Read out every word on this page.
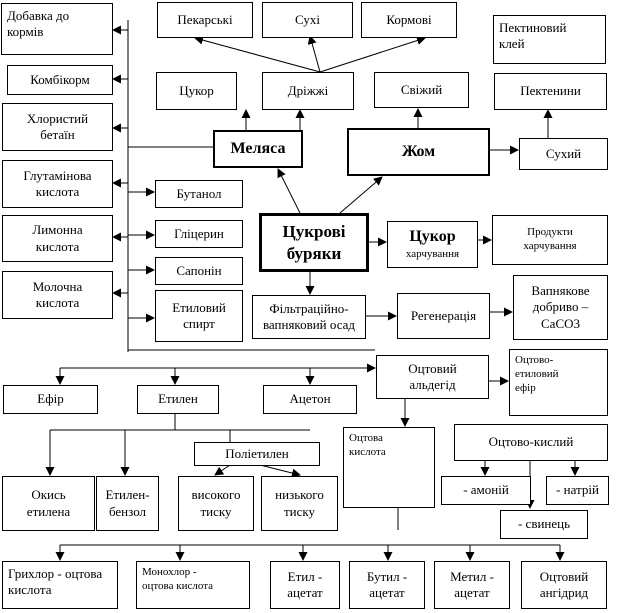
Добавка до
кормів
Комбікорм
Хлористий
бетаїн
Глутамінова
кислота
Лимонна
кислота
Молочна
кислота
Бутанол
Гліцерин
Сапонін
Етиловий
спирт
Пекарські	Сухі	Кормові
Пектиновий
клей
Цукор	Дріжжі	Свіжий	Пектенини
Меляса	Жом	Сухий
Цукрові
буряки
Цукор
харчування
Продукти
харчування
Фільтраційно-
вапняковий осад
Регенерація
Вапнякове
добриво –
CaCO3
Ефір	Етилен	Ацетон
Оцтовий
альдегід
Оцтово-
етиловий
ефір
Поліетилен
Оцтова
кислота
Оцтово-кислий
Окись
етилена
Етилен-
бензол
високого
тиску
низького
тиску
- амоній	- натрій
- свинець
Грихлор - оцтова
кислота
Монохлор -
оцтова кислота
Етил -
ацетат
Бутил -
ацетат
Метил -
ацетат
Оцтовий
ангідрид
